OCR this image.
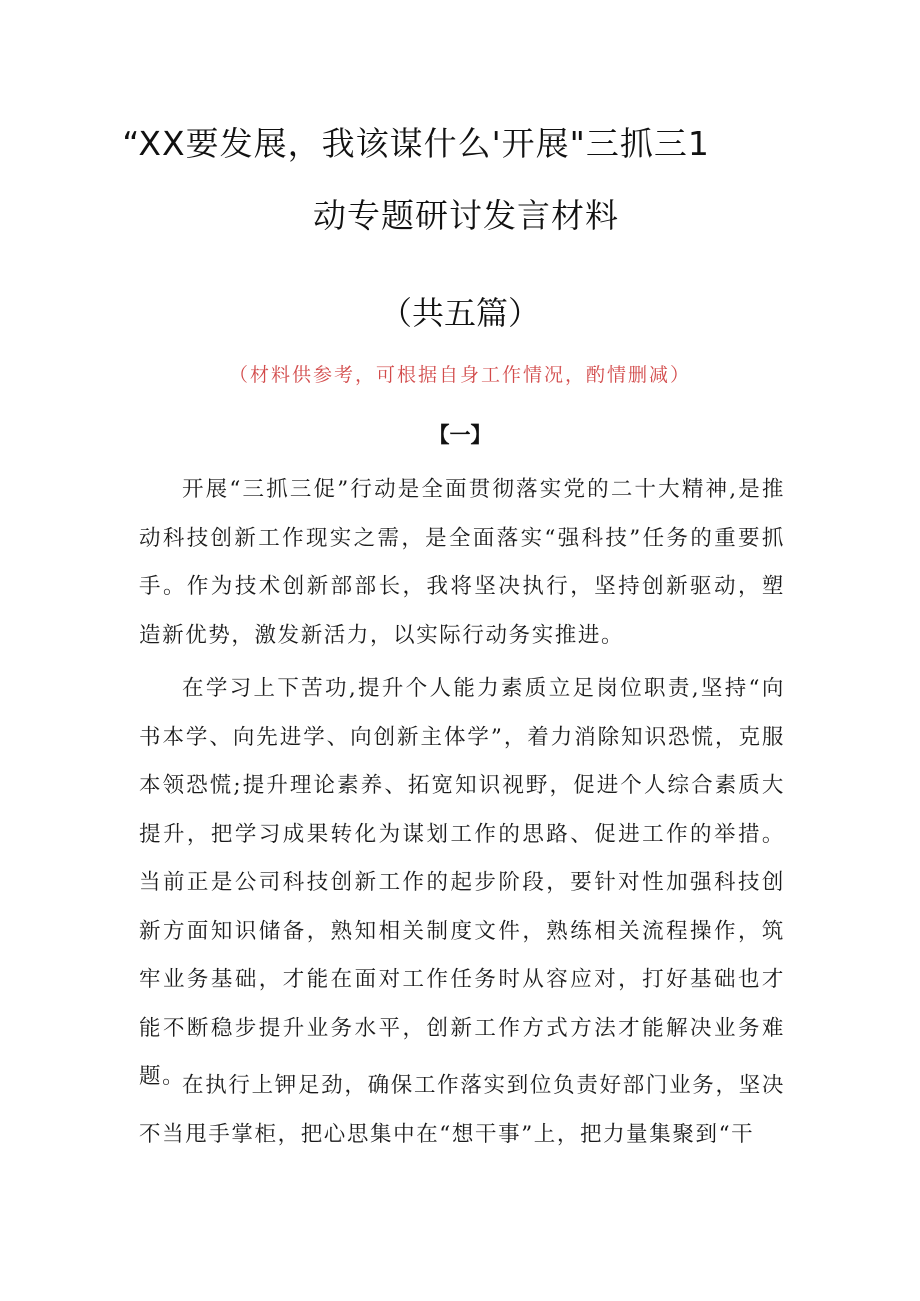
“XX要发展，我该谋什么'开展"三抓三1
动专题研讨发言材料
（共五篇）
（材料供参考，可根据自身工作情况，酌情删减）
【一】

开展“三抓三促”行动是全面贯彻落实党的二十大精神,是推动科技创新工作现实之需，是全面落实“强科技”任务的重要抓手。作为技术创新部部长，我将坚决执行，坚持创新驱动，塑造新优势，激发新活力，以实际行动务实推进。

在学习上下苦功,提升个人能力素质立足岗位职责,坚持“向书本学、向先进学、向创新主体学”，着力消除知识恐慌，克服本领恐慌;提升理论素养、拓宽知识视野，促进个人综合素质大提升，把学习成果转化为谋划工作的思路、促进工作的举措。当前正是公司科技创新工作的起步阶段，要针对性加强科技创新方面知识储备，熟知相关制度文件，熟练相关流程操作，筑牢业务基础，才能在面对工作任务时从容应对，打好基础也才能不断稳步提升业务水平，创新工作方式方法才能解决业务难题。

在执行上钾足劲，确保工作落实到位负责好部门业务，坚决不当甩手掌柜，把心思集中在“想干事”上，把力量集聚到“干
